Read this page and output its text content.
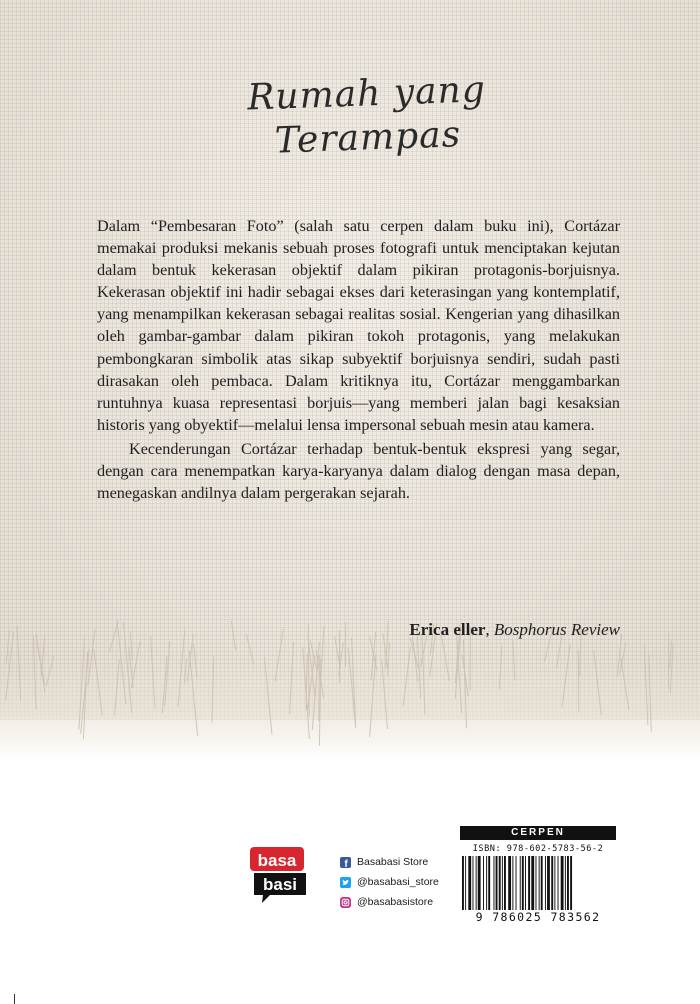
Rumah yang
Terampas

Dalam “Pembesaran Foto” (salah satu cerpen dalam buku ini), Cortázar memakai produksi mekanis sebuah proses fotografi untuk menciptakan kejutan dalam bentuk kekerasan objektif dalam pikiran protagonis-borjuisnya. Kekerasan objektif ini hadir sebagai ekses dari keterasingan yang kontemplatif, yang menampilkan kekerasan sebagai realitas sosial. Kengerian yang dihasilkan oleh gambar-gambar dalam pikiran tokoh protagonis, yang melakukan pembongkaran simbolik atas sikap subyektif borjuisnya sendiri, sudah pasti dirasakan oleh pembaca. Dalam kritiknya itu, Cortázar menggambarkan runtuhnya kuasa representasi borjuis—yang memberi jalan bagi kesaksian historis yang obyektif—melalui lensa impersonal sebuah mesin atau kamera.

Kecenderungan Cortázar terhadap bentuk-bentuk ekspresi yang segar, dengan cara menempatkan karya-karyanya dalam dialog dengan masa depan, menegaskan andilnya dalam pergerakan sejarah.

Erica eller, Bosphorus Review
basa
basi
f Basabasi Store
@basabasi_store
@basabasistore
CERPEN
ISBN: 978-602-5783-56-2
9 786025 783562
